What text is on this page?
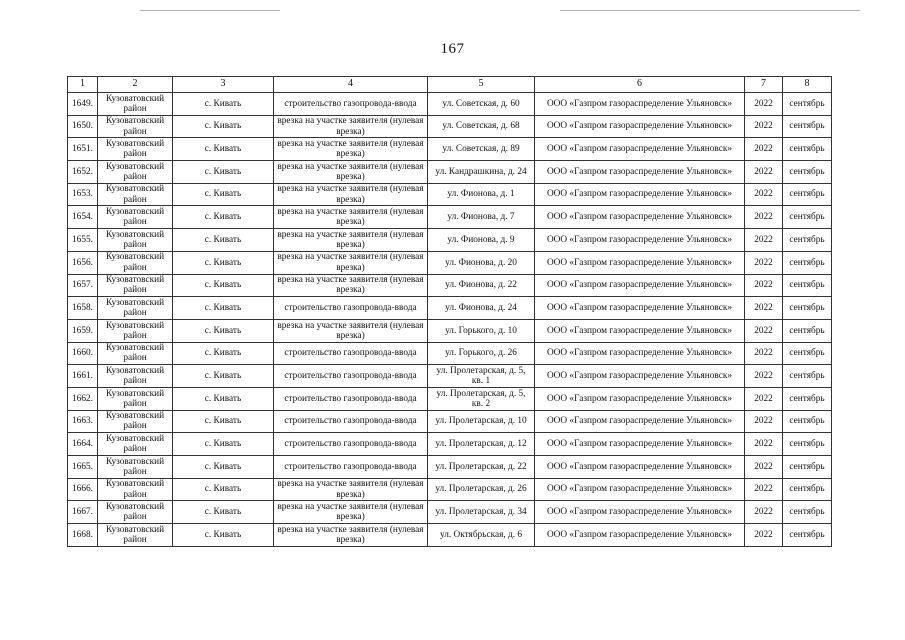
167
1	2	3	4	5	6	7	8
1649.	Кузоватовский район	с. Кивать	строительство газопровода-ввода	ул. Советская, д. 60	ООО «Газпром газораспределение Ульяновск»	2022	сентябрь
1650.	Кузоватовский район	с. Кивать	врезка на участке заявителя (нулевая врезка)	ул. Советская, д. 68	ООО «Газпром газораспределение Ульяновск»	2022	сентябрь
1651.	Кузоватовский район	с. Кивать	врезка на участке заявителя (нулевая врезка)	ул. Советская, д. 89	ООО «Газпром газораспределение Ульяновск»	2022	сентябрь
1652.	Кузоватовский район	с. Кивать	врезка на участке заявителя (нулевая врезка)	ул. Кандрашкина, д. 24	ООО «Газпром газораспределение Ульяновск»	2022	сентябрь
1653.	Кузоватовский район	с. Кивать	врезка на участке заявителя (нулевая врезка)	ул. Фионова, д. 1	ООО «Газпром газораспределение Ульяновск»	2022	сентябрь
1654.	Кузоватовский район	с. Кивать	врезка на участке заявителя (нулевая врезка)	ул. Фионова, д. 7	ООО «Газпром газораспределение Ульяновск»	2022	сентябрь
1655.	Кузоватовский район	с. Кивать	врезка на участке заявителя (нулевая врезка)	ул. Фионова, д. 9	ООО «Газпром газораспределение Ульяновск»	2022	сентябрь
1656.	Кузоватовский район	с. Кивать	врезка на участке заявителя (нулевая врезка)	ул. Фионова, д. 20	ООО «Газпром газораспределение Ульяновск»	2022	сентябрь
1657.	Кузоватовский район	с. Кивать	врезка на участке заявителя (нулевая врезка)	ул. Фионова, д. 22	ООО «Газпром газораспределение Ульяновск»	2022	сентябрь
1658.	Кузоватовский район	с. Кивать	строительство газопровода-ввода	ул. Фионова, д. 24	ООО «Газпром газораспределение Ульяновск»	2022	сентябрь
1659.	Кузоватовский район	с. Кивать	врезка на участке заявителя (нулевая врезка)	ул. Горького, д. 10	ООО «Газпром газораспределение Ульяновск»	2022	сентябрь
1660.	Кузоватовский район	с. Кивать	строительство газопровода-ввода	ул. Горького, д. 26	ООО «Газпром газораспределение Ульяновск»	2022	сентябрь
1661.	Кузоватовский район	с. Кивать	строительство газопровода-ввода	ул. Пролетарская, д. 5, кв. 1	ООО «Газпром газораспределение Ульяновск»	2022	сентябрь
1662.	Кузоватовский район	с. Кивать	строительство газопровода-ввода	ул. Пролетарская, д. 5, кв. 2	ООО «Газпром газораспределение Ульяновск»	2022	сентябрь
1663.	Кузоватовский район	с. Кивать	строительство газопровода-ввода	ул. Пролетарская, д. 10	ООО «Газпром газораспределение Ульяновск»	2022	сентябрь
1664.	Кузоватовский район	с. Кивать	строительство газопровода-ввода	ул. Пролетарская, д. 12	ООО «Газпром газораспределение Ульяновск»	2022	сентябрь
1665.	Кузоватовский район	с. Кивать	строительство газопровода-ввода	ул. Пролетарская, д. 22	ООО «Газпром газораспределение Ульяновск»	2022	сентябрь
1666.	Кузоватовский район	с. Кивать	врезка на участке заявителя (нулевая врезка)	ул. Пролетарская, д. 26	ООО «Газпром газораспределение Ульяновск»	2022	сентябрь
1667.	Кузоватовский район	с. Кивать	врезка на участке заявителя (нулевая врезка)	ул. Пролетарская, д. 34	ООО «Газпром газораспределение Ульяновск»	2022	сентябрь
1668.	Кузоватовский район	с. Кивать	врезка на участке заявителя (нулевая врезка)	ул. Октябрьская, д. 6	ООО «Газпром газораспределение Ульяновск»	2022	сентябрь
